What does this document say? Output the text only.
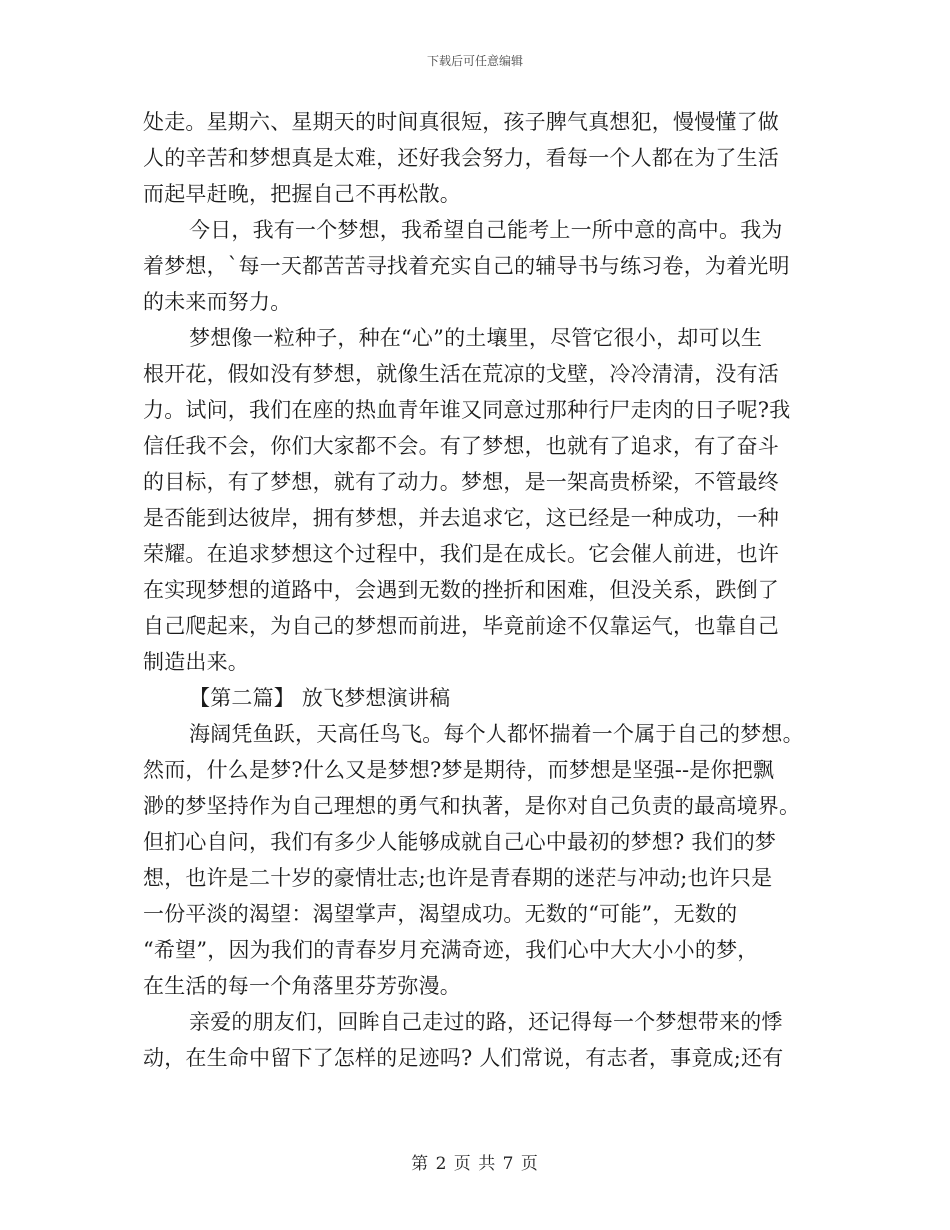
下载后可任意编辑
处走。星期六、星期天的时间真很短，孩子脾气真想犯，慢慢懂了做
人的辛苦和梦想真是太难，还好我会努力，看每一个人都在为了生活
而起早赶晚，把握自己不再松散。
今日，我有一个梦想，我希望自己能考上一所中意的高中。我为
着梦想，`每一天都苦苦寻找着充实自己的辅导书与练习卷，为着光明
的未来而努力。
梦想像一粒种子，种在“心”的土壤里，尽管它很小，却可以生
根开花，假如没有梦想，就像生活在荒凉的戈壁，冷冷清清，没有活
力。试问，我们在座的热血青年谁又同意过那种行尸走肉的日子呢?我
信任我不会，你们大家都不会。有了梦想，也就有了追求，有了奋斗
的目标，有了梦想，就有了动力。梦想，是一架高贵桥梁，不管最终
是否能到达彼岸，拥有梦想，并去追求它，这已经是一种成功，一种
荣耀。在追求梦想这个过程中，我们是在成长。它会催人前进，也许
在实现梦想的道路中，会遇到无数的挫折和困难，但没关系，跌倒了
自己爬起来，为自己的梦想而前进，毕竟前途不仅靠运气，也靠自己
制造出来。
【第二篇】 放飞梦想演讲稿
海阔凭鱼跃，天高任鸟飞。每个人都怀揣着一个属于自己的梦想。
然而，什么是梦?什么又是梦想?梦是期待，而梦想是坚强--是你把飘
渺的梦坚持作为自己理想的勇气和执著，是你对自己负责的最高境界。
但扪心自问，我们有多少人能够成就自己心中最初的梦想? 我们的梦
想，也许是二十岁的豪情壮志;也许是青春期的迷茫与冲动;也许只是
一份平淡的渴望：渴望掌声，渴望成功。无数的“可能”，无数的
“希望”，因为我们的青春岁月充满奇迹，我们心中大大小小的梦，
在生活的每一个角落里芬芳弥漫。
亲爱的朋友们，回眸自己走过的路，还记得每一个梦想带来的悸
动，在生命中留下了怎样的足迹吗? 人们常说，有志者，事竟成;还有
第 2 页 共 7 页
